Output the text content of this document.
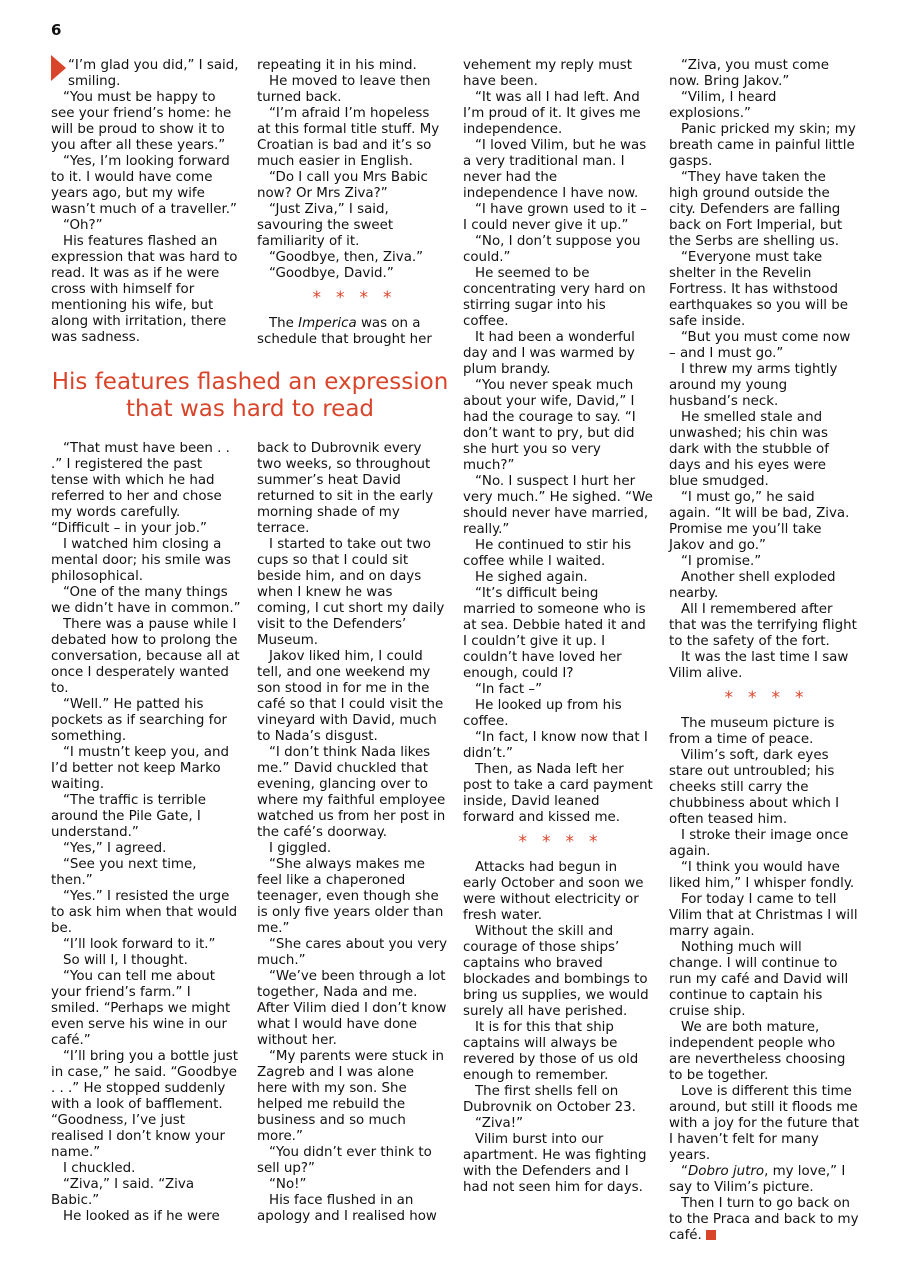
6

“I’m glad you did,” I said, smiling.

“You must be happy to see your friend’s home: he will be proud to show it to you after all these years.”

“Yes, I’m looking forward to it. I would have come years ago, but my wife wasn’t much of a traveller.”

“Oh?”

His features flashed an expression that was hard to read. It was as if he were cross with himself for mentioning his wife, but along with irritation, there was sadness.

repeating it in his mind.

He moved to leave then turned back.

“I’m afraid I’m hopeless at this formal title stuff. My Croatian is bad and it’s so much easier in English.

“Do I call you Mrs Babic now? Or Mrs Ziva?”

“Just Ziva,” I said, savouring the sweet familiarity of it.

“Goodbye, then, Ziva.”

“Goodbye, David.”

****

The Imperica was on a schedule that brought her

His features flashed an expression
that was hard to read

“That must have been . . .” I registered the past tense with which he had referred to her and chose my words carefully. “Difficult – in your job.”

I watched him closing a mental door; his smile was philosophical.

“One of the many things we didn’t have in common.”

There was a pause while I debated how to prolong the conversation, because all at once I desperately wanted to.

“Well.” He patted his pockets as if searching for something.

“I mustn’t keep you, and I’d better not keep Marko waiting.

“The traffic is terrible around the Pile Gate, I understand.”

“Yes,” I agreed.

“See you next time, then.”

“Yes.” I resisted the urge to ask him when that would be.

“I’ll look forward to it.”

So will I, I thought.

“You can tell me about your friend’s farm.” I smiled. “Perhaps we might even serve his wine in our café.”

“I’ll bring you a bottle just in case,” he said. “Goodbye . . .” He stopped suddenly with a look of bafflement. “Goodness, I’ve just realised I don’t know your name.”

I chuckled.

“Ziva,” I said. “Ziva Babic.”

He looked as if he were

back to Dubrovnik every two weeks, so throughout summer’s heat David returned to sit in the early morning shade of my terrace.

I started to take out two cups so that I could sit beside him, and on days when I knew he was coming, I cut short my daily visit to the Defenders’ Museum.

Jakov liked him, I could tell, and one weekend my son stood in for me in the café so that I could visit the vineyard with David, much to Nada’s disgust.

“I don’t think Nada likes me.” David chuckled that evening, glancing over to where my faithful employee watched us from her post in the café’s doorway.

I giggled.

“She always makes me feel like a chaperoned teenager, even though she is only five years older than me.”

“She cares about you very much.”

“We’ve been through a lot together, Nada and me. After Vilim died I don’t know what I would have done without her.

“My parents were stuck in Zagreb and I was alone here with my son. She helped me rebuild the business and so much more.”

“You didn’t ever think to sell up?”

“No!”

His face flushed in an apology and I realised how

vehement my reply must have been.

“It was all I had left. And I’m proud of it. It gives me independence.

“I loved Vilim, but he was a very traditional man. I never had the independence I have now.

“I have grown used to it – I could never give it up.”

“No, I don’t suppose you could.”

He seemed to be concentrating very hard on stirring sugar into his coffee.

It had been a wonderful day and I was warmed by plum brandy.

“You never speak much about your wife, David,” I had the courage to say. “I don’t want to pry, but did she hurt you so very much?”

“No. I suspect I hurt her very much.” He sighed. “We should never have married, really.”

He continued to stir his coffee while I waited.

He sighed again.

“It’s difficult being married to someone who is at sea. Debbie hated it and I couldn’t give it up. I couldn’t have loved her enough, could I?

“In fact –”

He looked up from his coffee.

“In fact, I know now that I didn’t.”

Then, as Nada left her post to take a card payment inside, David leaned forward and kissed me.

****

Attacks had begun in early October and soon we were without electricity or fresh water.

Without the skill and courage of those ships’ captains who braved blockades and bombings to bring us supplies, we would surely all have perished.

It is for this that ship captains will always be revered by those of us old enough to remember.

The first shells fell on Dubrovnik on October 23.

“Ziva!”

Vilim burst into our apartment. He was fighting with the Defenders and I had not seen him for days.

“Ziva, you must come now. Bring Jakov.”

“Vilim, I heard explosions.”

Panic pricked my skin; my breath came in painful little gasps.

“They have taken the high ground outside the city. Defenders are falling back on Fort Imperial, but the Serbs are shelling us.

“Everyone must take shelter in the Revelin Fortress. It has withstood earthquakes so you will be safe inside.

“But you must come now – and I must go.”

I threw my arms tightly around my young husband’s neck.

He smelled stale and unwashed; his chin was dark with the stubble of days and his eyes were blue smudged.

“I must go,” he said again. “It will be bad, Ziva. Promise me you’ll take Jakov and go.”

“I promise.”

Another shell exploded nearby.

All I remembered after that was the terrifying flight to the safety of the fort.

It was the last time I saw Vilim alive.

****

The museum picture is from a time of peace.

Vilim’s soft, dark eyes stare out untroubled; his cheeks still carry the chubbiness about which I often teased him.

I stroke their image once again.

“I think you would have liked him,” I whisper fondly.

For today I came to tell Vilim that at Christmas I will marry again.

Nothing much will change. I will continue to run my café and David will continue to captain his cruise ship.

We are both mature, independent people who are nevertheless choosing to be together.

Love is different this time around, but still it floods me with a joy for the future that I haven’t felt for many years.

“Dobro jutro, my love,” I say to Vilim’s picture.

Then I turn to go back on to the Praca and back to my café.
